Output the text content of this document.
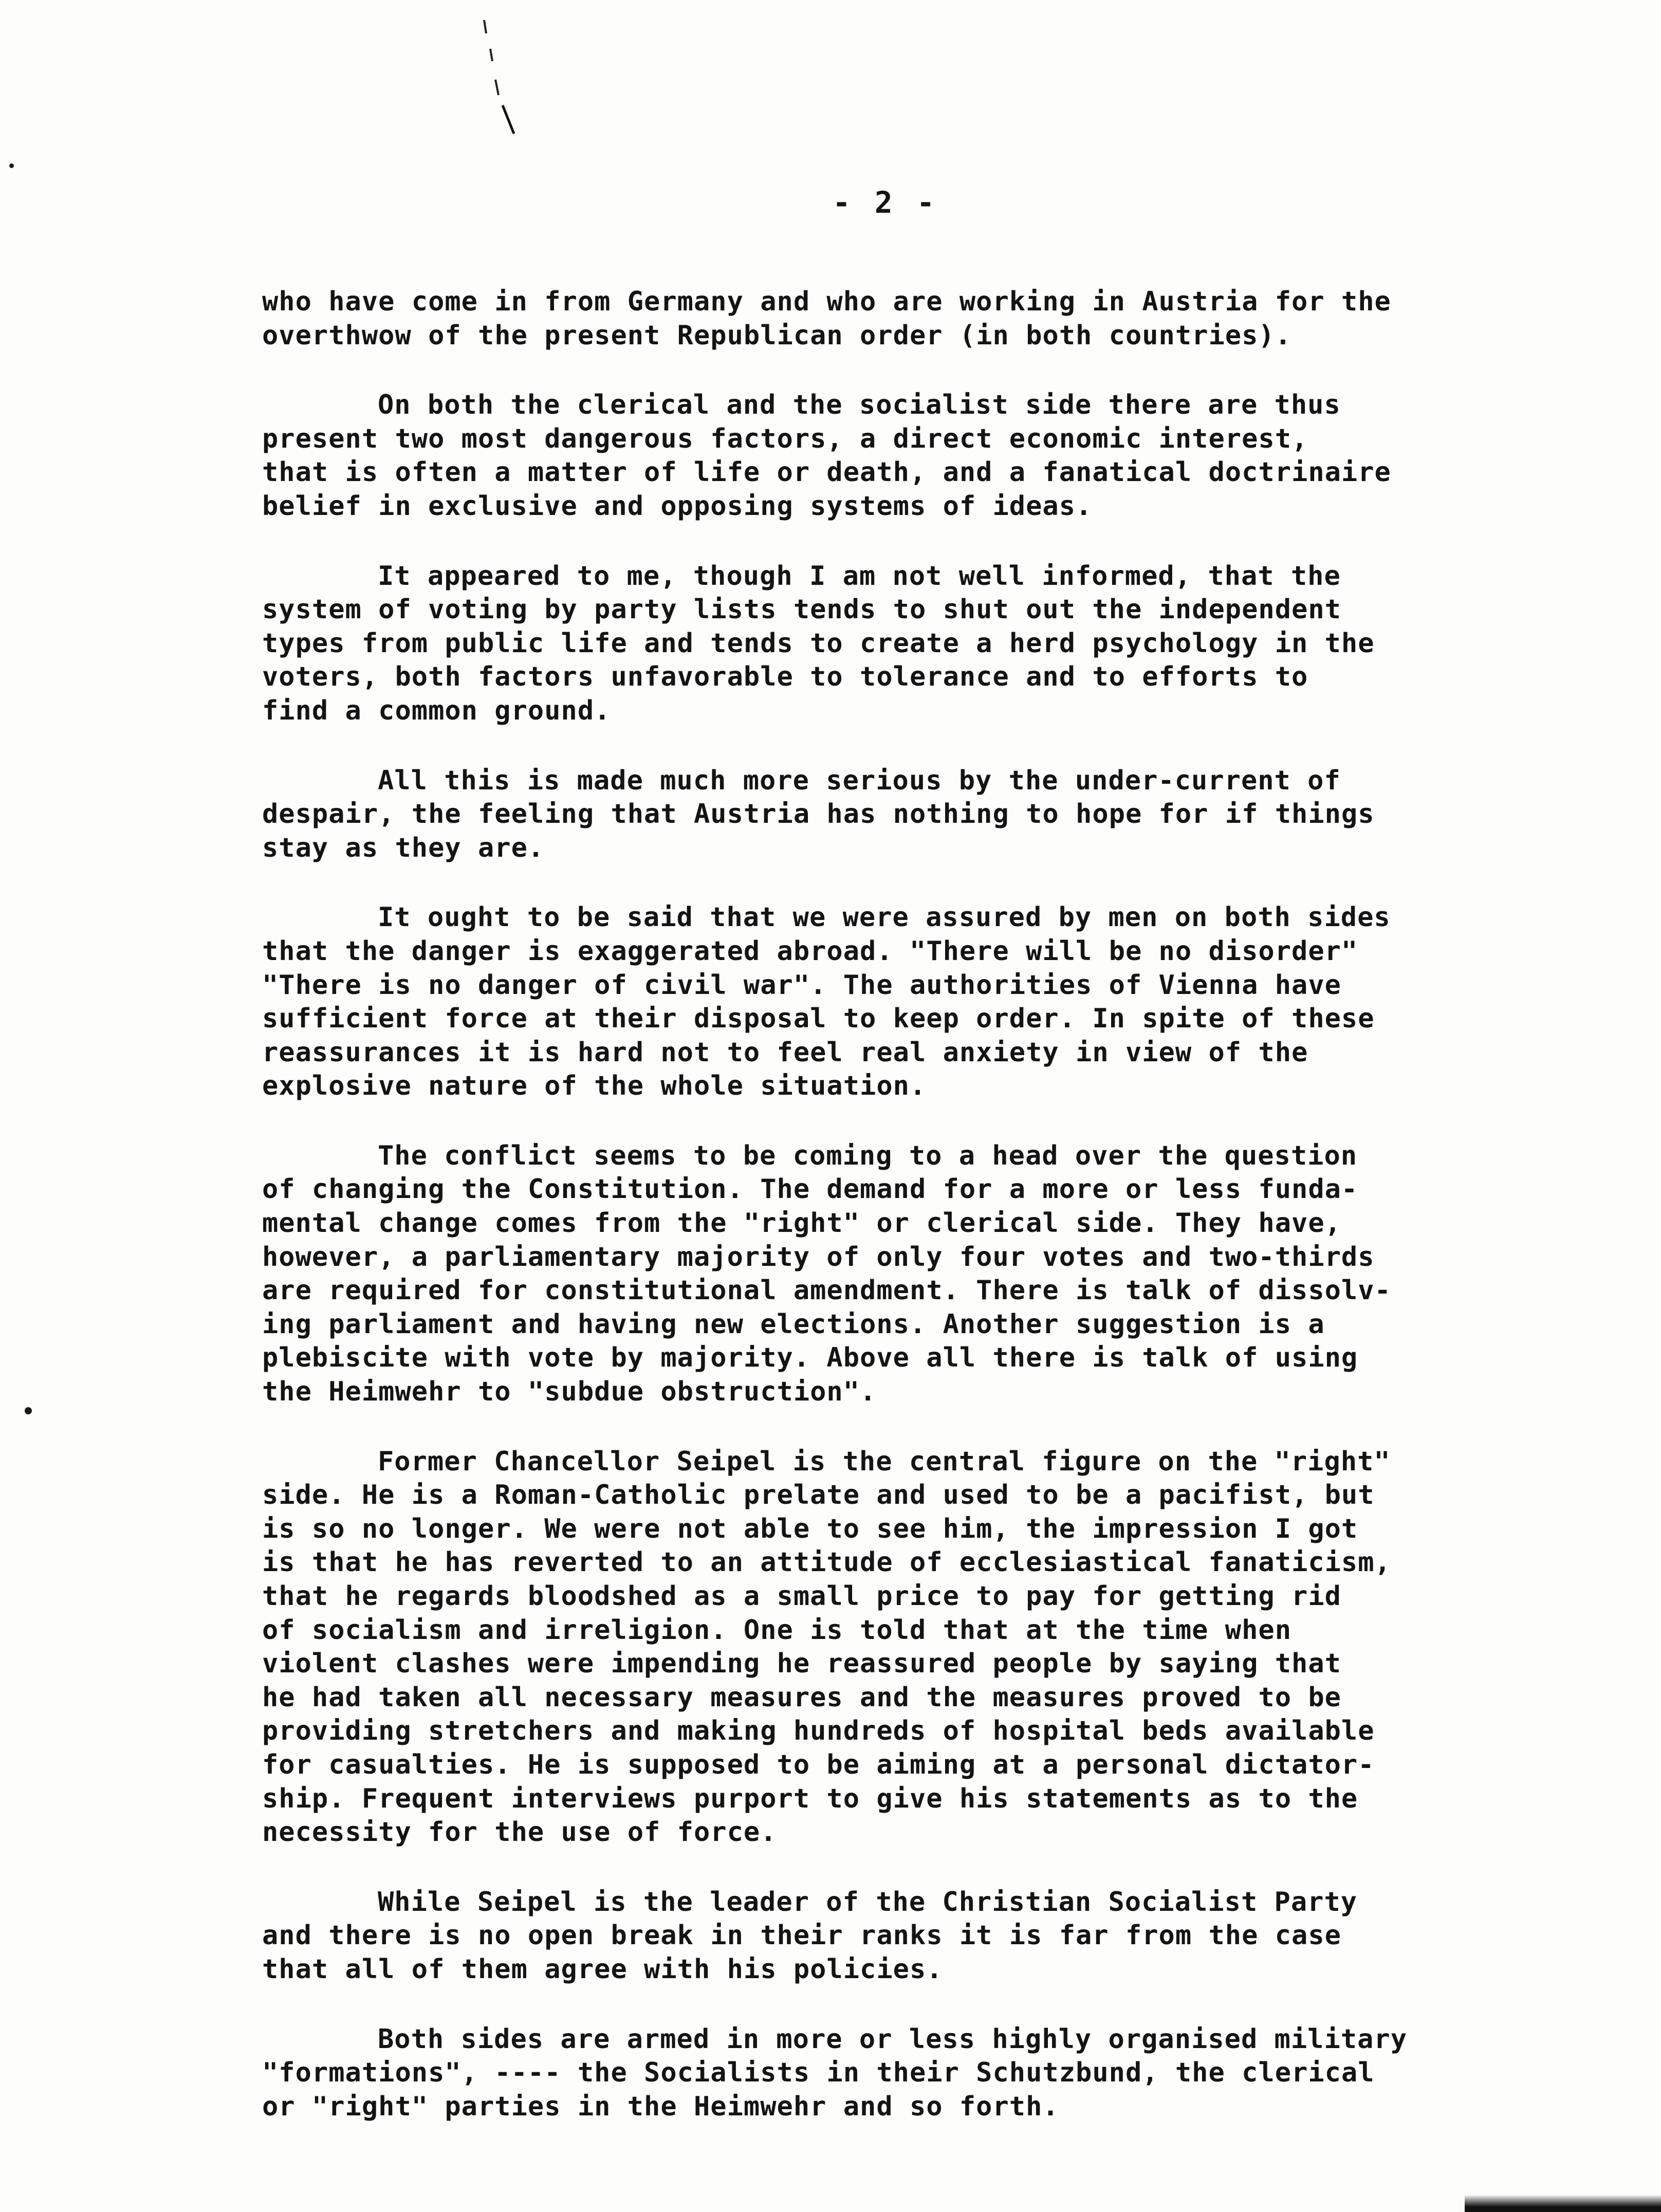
- 2 -

who have come in from Germany and who are working in Austria for the
overthwow of the present Republican order (in both countries).

On both the clerical and the socialist side there are thus
present two most dangerous factors, a direct economic interest,
that is often a matter of life or death, and a fanatical doctrinaire
belief in exclusive and opposing systems of ideas.

It appeared to me, though I am not well informed, that the
system of voting by party lists tends to shut out the independent
types from public life and tends to create a herd psychology in the
voters, both factors unfavorable to tolerance and to efforts to
find a common ground.

All this is made much more serious by the under-current of
despair, the feeling that Austria has nothing to hope for if things
stay as they are.

It ought to be said that we were assured by men on both sides
that the danger is exaggerated abroad. "There will be no disorder"
"There is no danger of civil war". The authorities of Vienna have
sufficient force at their disposal to keep order. In spite of these
reassurances it is hard not to feel real anxiety in view of the
explosive nature of the whole situation.

The conflict seems to be coming to a head over the question
of changing the Constitution. The demand for a more or less funda-
mental change comes from the "right" or clerical side. They have,
however, a parliamentary majority of only four votes and two-thirds
are required for constitutional amendment. There is talk of dissolv-
ing parliament and having new elections. Another suggestion is a
plebiscite with vote by majority. Above all there is talk of using
the Heimwehr to "subdue obstruction".

Former Chancellor Seipel is the central figure on the "right"
side. He is a Roman-Catholic prelate and used to be a pacifist, but
is so no longer. We were not able to see him, the impression I got
is that he has reverted to an attitude of ecclesiastical fanaticism,
that he regards bloodshed as a small price to pay for getting rid
of socialism and irreligion. One is told that at the time when
violent clashes were impending he reassured people by saying that
he had taken all necessary measures and the measures proved to be
providing stretchers and making hundreds of hospital beds available
for casualties. He is supposed to be aiming at a personal dictator-
ship. Frequent interviews purport to give his statements as to the
necessity for the use of force.

While Seipel is the leader of the Christian Socialist Party
and there is no open break in their ranks it is far from the case
that all of them agree with his policies.

Both sides are armed in more or less highly organised military
"formations", ---- the Socialists in their Schutzbund, the clerical
or "right" parties in the Heimwehr and so forth.
